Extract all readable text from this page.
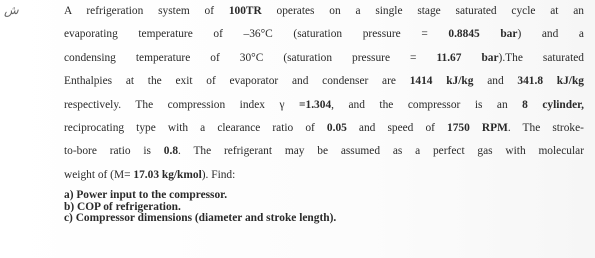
ش	A refrigeration system of 100TR operates on a single stage saturated cycle at an
evaporating temperature of –36°C (saturation pressure = 0.8845 bar) and a
condensing temperature of 30°C (saturation pressure = 11.67 bar).The saturated
Enthalpies at the exit of evaporator and condenser are 1414 kJ/kg and 341.8 kJ/kg
respectively. The compression index γ =1.304, and the compressor is an 8 cylinder,
reciprocating type with a clearance ratio of 0.05 and speed of 1750 RPM. The stroke-
to-bore ratio is 0.8. The refrigerant may be assumed as a perfect gas with molecular
weight of (M= 17.03 kg/kmol). Find:
a) Power input to the compressor.
b) COP of refrigeration.
c) Compressor dimensions (diameter and stroke length).
